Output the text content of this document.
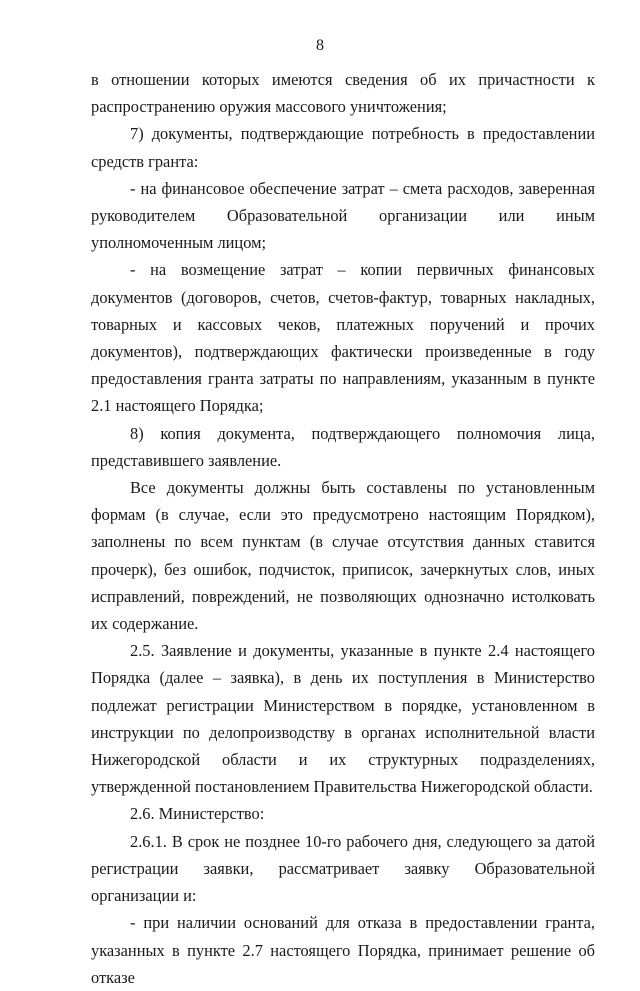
8

в отношении которых имеются сведения об их причастности к распространению оружия массового уничтожения;

7) документы, подтверждающие потребность в предоставлении средств гранта:

- на финансовое обеспечение затрат – смета расходов, заверенная руководителем Образовательной организации или иным уполномоченным лицом;

- на возмещение затрат – копии первичных финансовых документов (договоров, счетов, счетов-фактур, товарных накладных, товарных и кассовых чеков, платежных поручений и прочих документов), подтверждающих фактически произведенные в году предоставления гранта затраты по направлениям, указанным в пункте 2.1 настоящего Порядка;

8) копия документа, подтверждающего полномочия лица, представившего заявление.

Все документы должны быть составлены по установленным формам (в случае, если это предусмотрено настоящим Порядком), заполнены по всем пунктам (в случае отсутствия данных ставится прочерк), без ошибок, подчисток, приписок, зачеркнутых слов, иных исправлений, повреждений, не позволяющих однозначно истолковать их содержание.

2.5. Заявление и документы, указанные в пункте 2.4 настоящего Порядка (далее – заявка), в день их поступления в Министерство подлежат регистрации Министерством в порядке, установленном в инструкции по делопроизводству в органах исполнительной власти Нижегородской области и их структурных подразделениях, утвержденной постановлением Правительства Нижегородской области.

2.6. Министерство:

2.6.1. В срок не позднее 10-го рабочего дня, следующего за датой регистрации заявки, рассматривает заявку Образовательной организации и:

- при наличии оснований для отказа в предоставлении гранта, указанных в пункте 2.7 настоящего Порядка, принимает решение об отказе
